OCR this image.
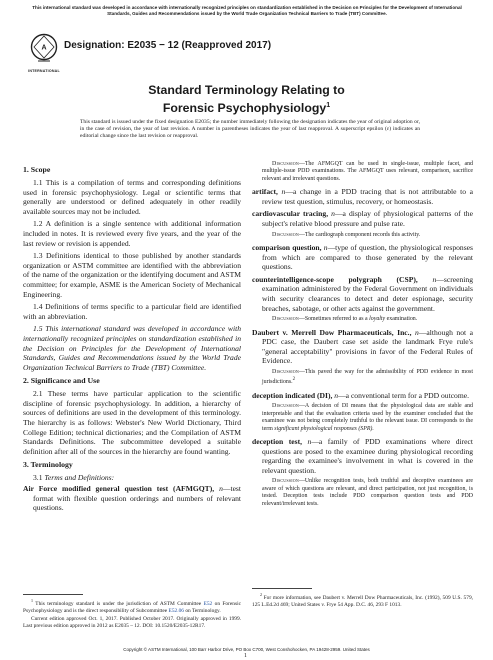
This international standard was developed in accordance with internationally recognized principles on standardization established in the Decision on Principles for the Development of International Standards, Guides and Recommendations issued by the World Trade Organization Technical Barriers to Trade (TBT) Committee.
A
INTERNATIONAL
Designation: E2035 − 12 (Reapproved 2017)
Standard Terminology Relating to
Forensic Psychophysiology$^1$
This standard is issued under the fixed designation E2035; the number immediately following the designation indicates the year of original adoption or, in the case of revision, the year of last revision. A number in parentheses indicates the year of last reapproval. A superscript epsilon (ε) indicates an editorial change since the last revision or reapproval.
1. Scope
1.1 This is a compilation of terms and corresponding definitions used in forensic psychophysiology. Legal or scientific terms that generally are understood or defined adequately in other readily available sources may not be included.
1.2 A definition is a single sentence with additional information included in notes. It is reviewed every five years, and the year of the last review or revision is appended.
1.3 Definitions identical to those published by another standards organization or ASTM committee are identified with the abbreviation of the name of the organization or the identifying document and ASTM committee; for example, ASME is the American Society of Mechanical Engineering.
1.4 Definitions of terms specific to a particular field are identified with an abbreviation.
1.5 This international standard was developed in accordance with internationally recognized principles on standardization established in the Decision on Principles for the Development of International Standards, Guides and Recommendations issued by the World Trade Organization Technical Barriers to Trade (TBT) Committee.
2. Significance and Use
2.1 These terms have particular application to the scientific discipline of forensic psychophysiology. In addition, a hierarchy of sources of definitions are used in the development of this terminology. The hierarchy is as follows: Webster's New World Dictionary, Third College Edition; technical dictionaries; and the Compilation of ASTM Standards Definitions. The subcommittee developed a suitable definition after all of the sources in the hierarchy are found wanting.
3. Terminology
3.1 Terms and Definitions:
Air Force modified general question test (AFMGQT), n—test format with flexible question orderings and numbers of relevant questions.
Discussion—The AFMGQT can be used in single-issue, multiple facet, and multiple-issue PDD examinations. The AFMGQT uses relevant, comparison, sacrifice relevant and irrelevant questions.
artifact, n—a change in a PDD tracing that is not attributable to a review test question, stimulus, recovery, or homeostasis.
cardiovascular tracing, n—a display of physiological patterns of the subject's relative blood pressure and pulse rate.
Discussion—The cardiograph component records this activity.
comparison question, n—type of question, the physiological responses from which are compared to those generated by the relevant questions.
counterintelligence-scope polygraph (CSP), n—screening examination administered by the Federal Government on individuals with security clearances to detect and deter espionage, security breaches, sabotage, or other acts against the government.
Discussion—Sometimes referred to as a loyalty examination.
Daubert v. Merrell Dow Pharmaceuticals, Inc., n—although not a PDC case, the Daubert case set aside the landmark Frye rule's "general acceptability" provisions in favor of the Federal Rules of Evidence.
Discussion—This paved the way for the admissibility of PDD evidence in most jurisdictions.$^2$
deception indicated (DI), n—a conventional term for a PDD outcome.
Discussion—A decision of DI means that the physiological data are stable and interpretable and that the evaluation criteria used by the examiner concluded that the examinee was not being completely truthful to the relevant issue. DI corresponds to the term significant physiological responses (SPR).
deception test, n—a family of PDD examinations where direct questions are posed to the examinee during physiological recording regarding the examinee's involvement in what is covered in the relevant question.
Discussion—Unlike recognition tests, both truthful and deceptive examinees are aware of which questions are relevant, and direct participation, not just recognition, is tested. Deception tests include PDD comparison question tests and PDD relevant/irrelevant tests.

$^1$ This terminology standard is under the jurisdiction of ASTM Committee E52 on Forensic Psychophysiology and is the direct responsibility of Subcommittee E52.06 on Terminology.

Current edition approved Oct. 1, 2017. Published October 2017. Originally approved in 1999. Last previous edition approved in 2012 as E2035 – 12. DOI: 10.1520/E2035-12R17.

$^2$ For more information, see Daubert v. Merrell Dow Pharmaceuticals, Inc. (1992), 509 U.S. 579, 125 L.Ed.2d 469; United States v. Frye 54 App. D.C. 46, 293 F 1013.

Copyright © ASTM International, 100 Barr Harbor Drive, PO Box C700, West Conshohocken, PA 19428-2959. United States
1
